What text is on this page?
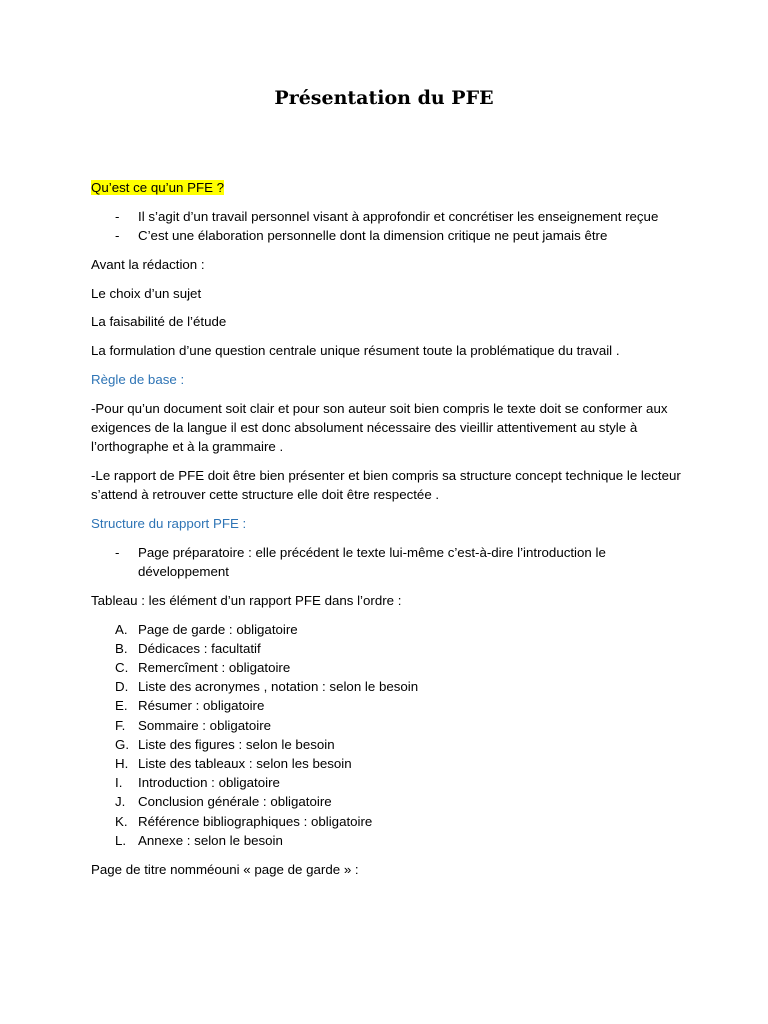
Présentation du PFE

Qu’est ce qu’un PFE ?

- Il s’agit d’un travail personnel visant à approfondir et concrétiser les enseignement reçue
- C’est une élaboration personnelle dont la dimension critique ne peut jamais être

Avant la rédaction :

Le choix d’un sujet

La faisabilité de l’étude

La formulation d’une question centrale unique résument toute la problématique du travail .

Règle de base :

-Pour qu’un document soit clair et pour son auteur soit bien compris le texte doit se conformer aux exigences de la langue il est donc absolument nécessaire des vieillir attentivement au style à l’orthographe et à la grammaire .

-Le rapport de PFE doit être bien présenter et bien compris sa structure concept technique le lecteur s’attend à retrouver cette structure elle doit être respectée .

Structure du rapport PFE :

- Page préparatoire : elle précédent le texte lui-même c’est-à-dire l’introduction le développement

Tableau : les élément d’un rapport PFE dans l’ordre :

A. Page de garde : obligatoire
B. Dédicaces : facultatif
C. Remercîment : obligatoire
D. Liste des acronymes , notation : selon le besoin
E. Résumer : obligatoire
F. Sommaire : obligatoire
G. Liste des figures : selon le besoin
H. Liste des tableaux : selon les besoin
I. Introduction : obligatoire
J. Conclusion générale : obligatoire
K. Référence bibliographiques : obligatoire
L. Annexe : selon le besoin

Page de titre nomméouni « page de garde » :
